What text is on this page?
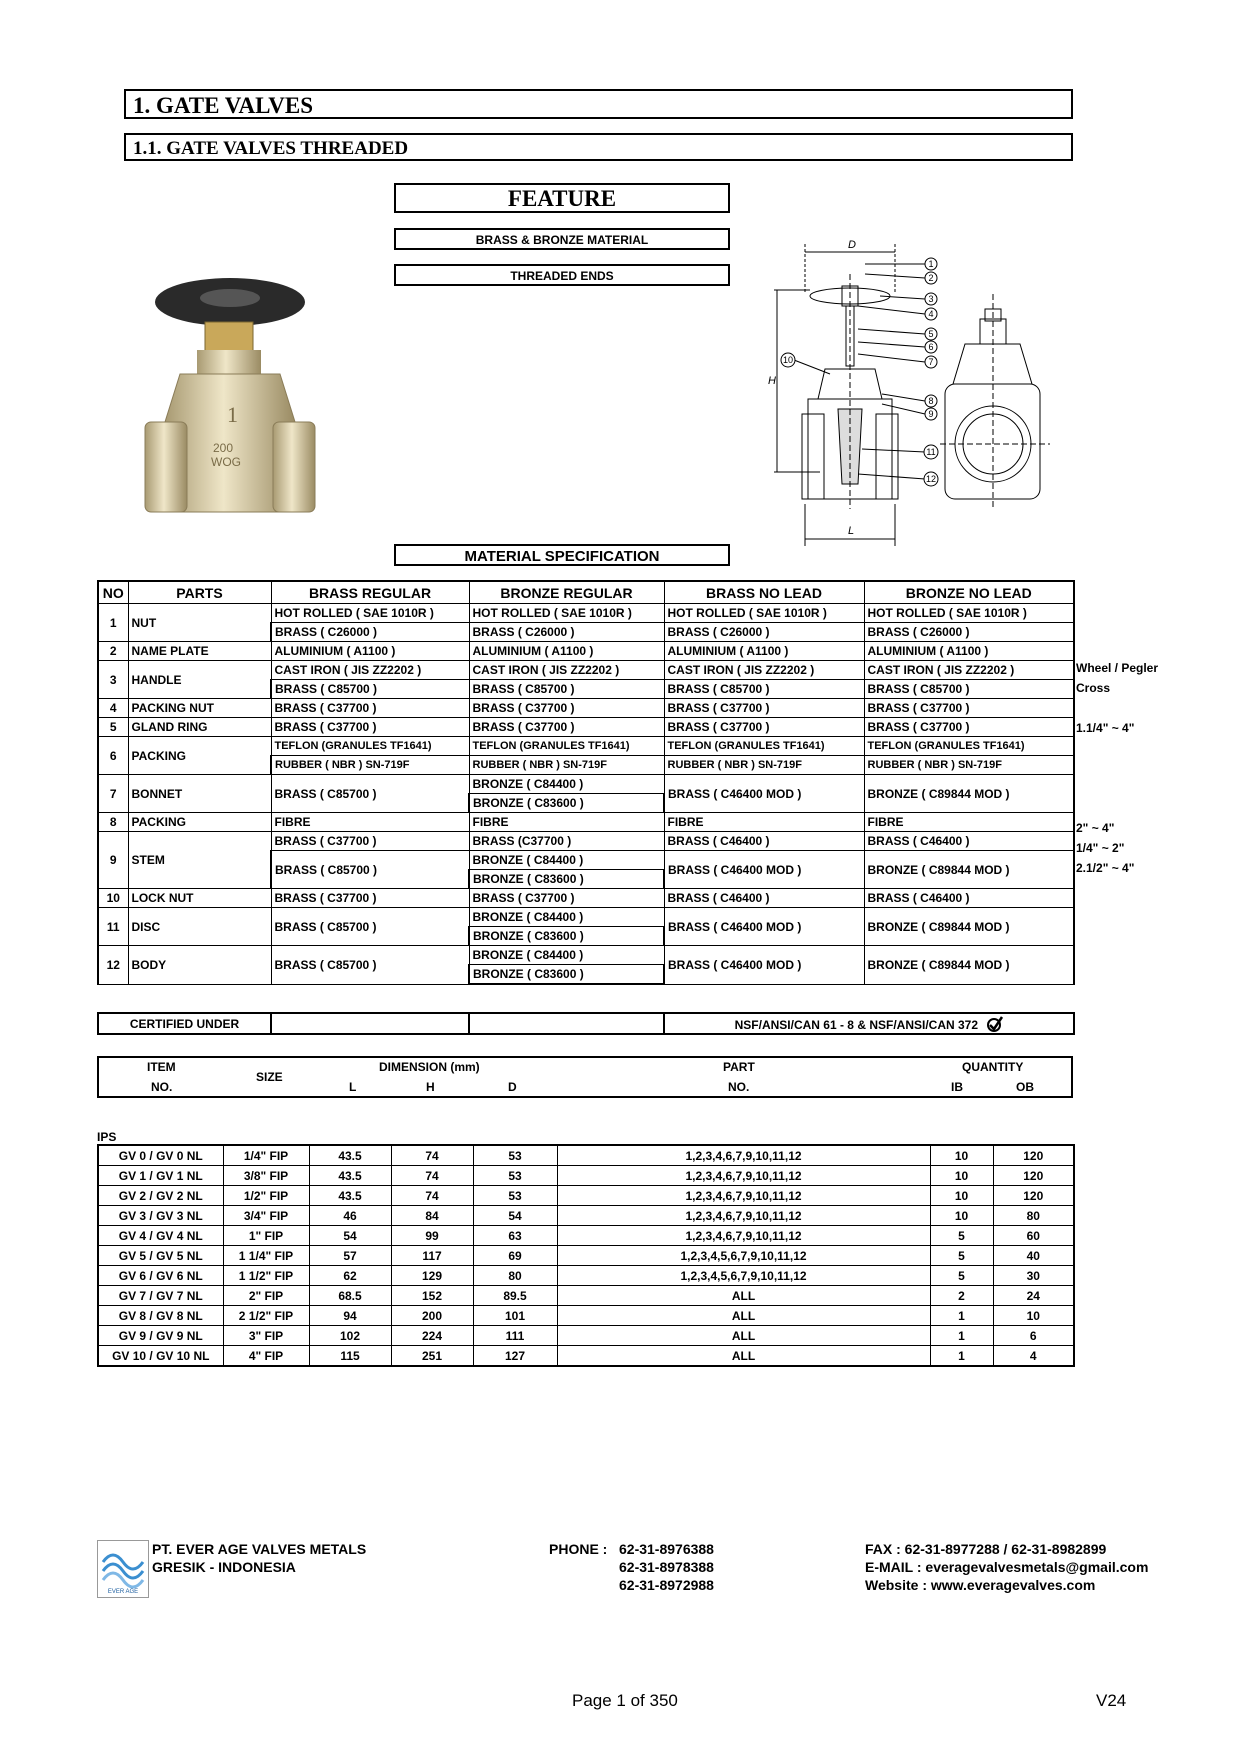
1. GATE VALVES
1.1. GATE VALVES THREADED
FEATURE
BRASS & BRONZE MATERIAL
THREADED ENDS
1
200
WOG
D
H
L
1
2
3
4
5
6
7
8
9
10
11
12
MATERIAL SPECIFICATION
NO	PARTS	BRASS REGULAR	BRONZE REGULAR	BRASS NO LEAD	BRONZE NO LEAD
1	NUT	HOT ROLLED ( SAE 1010R )	HOT ROLLED ( SAE 1010R )	HOT ROLLED ( SAE 1010R )	HOT ROLLED ( SAE 1010R )
		BRASS ( C26000 )	BRASS ( C26000 )	BRASS ( C26000 )	BRASS ( C26000 )
2	NAME PLATE	ALUMINIUM ( A1100 )	ALUMINIUM ( A1100 )	ALUMINIUM ( A1100 )	ALUMINIUM ( A1100 )
3	HANDLE	CAST IRON ( JIS ZZ2202 )	CAST IRON ( JIS ZZ2202 )	CAST IRON ( JIS ZZ2202 )	CAST IRON ( JIS ZZ2202 )
		BRASS ( C85700 )	BRASS ( C85700 )	BRASS ( C85700 )	BRASS ( C85700 )
4	PACKING NUT	BRASS ( C37700 )	BRASS ( C37700 )	BRASS ( C37700 )	BRASS ( C37700 )
5	GLAND RING	BRASS ( C37700 )	BRASS ( C37700 )	BRASS ( C37700 )	BRASS ( C37700 )
6	PACKING	TEFLON (GRANULES TF1641)	TEFLON (GRANULES TF1641)	TEFLON (GRANULES TF1641)	TEFLON (GRANULES TF1641)
		RUBBER ( NBR ) SN-719F	RUBBER ( NBR ) SN-719F	RUBBER ( NBR ) SN-719F	RUBBER ( NBR ) SN-719F
7	BONNET	BRASS ( C85700 )	BRONZE ( C84400 )	BRASS ( C46400 MOD )	BRONZE ( C89844 MOD )
			BRONZE ( C83600 )		
8	PACKING	FIBRE	FIBRE	FIBRE	FIBRE
9	STEM	BRASS ( C37700 )	BRASS (C37700 )	BRASS ( C46400 )	BRASS ( C46400 )
		BRASS ( C85700 )	BRONZE ( C84400 )	BRASS ( C46400 MOD )	BRONZE ( C89844 MOD )
			BRONZE ( C83600 )		
10	LOCK NUT	BRASS ( C37700 )	BRASS ( C37700 )	BRASS ( C46400 )	BRASS ( C46400 )
11	DISC	BRASS ( C85700 )	BRONZE ( C84400 )	BRASS ( C46400 MOD )	BRONZE ( C89844 MOD )
			BRONZE ( C83600 )		
12	BODY	BRASS ( C85700 )	BRONZE ( C84400 )	BRASS ( C46400 MOD )	BRONZE ( C89844 MOD )
			BRONZE ( C83600 )		
Wheel / Pegler
Cross
1.1/4" ~ 4"
2" ~ 4"
1/4" ~ 2"
2.1/2" ~ 4"
CERTIFIED UNDER			NSF/ANSI/CAN 61 - 8 & NSF/ANSI/CAN 372
ITEM
NO.
SIZE
DIMENSION (mm)
L	H	D
PART
NO.
QUANTITY
IB	OB
IPS
GV 0 / GV 0 NL	1/4" FIP	43.5	74	53	1,2,3,4,6,7,9,10,11,12	10	120
GV 1 / GV 1 NL	3/8" FIP	43.5	74	53	1,2,3,4,6,7,9,10,11,12	10	120
GV 2 / GV 2 NL	1/2" FIP	43.5	74	53	1,2,3,4,6,7,9,10,11,12	10	120
GV 3 / GV 3 NL	3/4" FIP	46	84	54	1,2,3,4,6,7,9,10,11,12	10	80
GV 4 / GV 4 NL	1" FIP	54	99	63	1,2,3,4,6,7,9,10,11,12	5	60
GV 5 / GV 5 NL	1 1/4" FIP	57	117	69	1,2,3,4,5,6,7,9,10,11,12	5	40
GV 6 / GV 6 NL	1 1/2" FIP	62	129	80	1,2,3,4,5,6,7,9,10,11,12	5	30
GV 7 / GV 7 NL	2" FIP	68.5	152	89.5	ALL	2	24
GV 8 / GV 8 NL	2 1/2" FIP	94	200	101	ALL	1	10
GV 9 / GV 9 NL	3" FIP	102	224	111	ALL	1	6
GV 10 / GV 10 NL	4" FIP	115	251	127	ALL	1	4
EVER AGE
PT. EVER AGE VALVES METALS
GRESIK - INDONESIA
PHONE : 62-31-8976388
62-31-8978388
62-31-8972988
FAX : 62-31-8977288 / 62-31-8982899
E-MAIL : everagevalvesmetals@gmail.com
Website : www.everagevalves.com
Page 1 of 350	V24
